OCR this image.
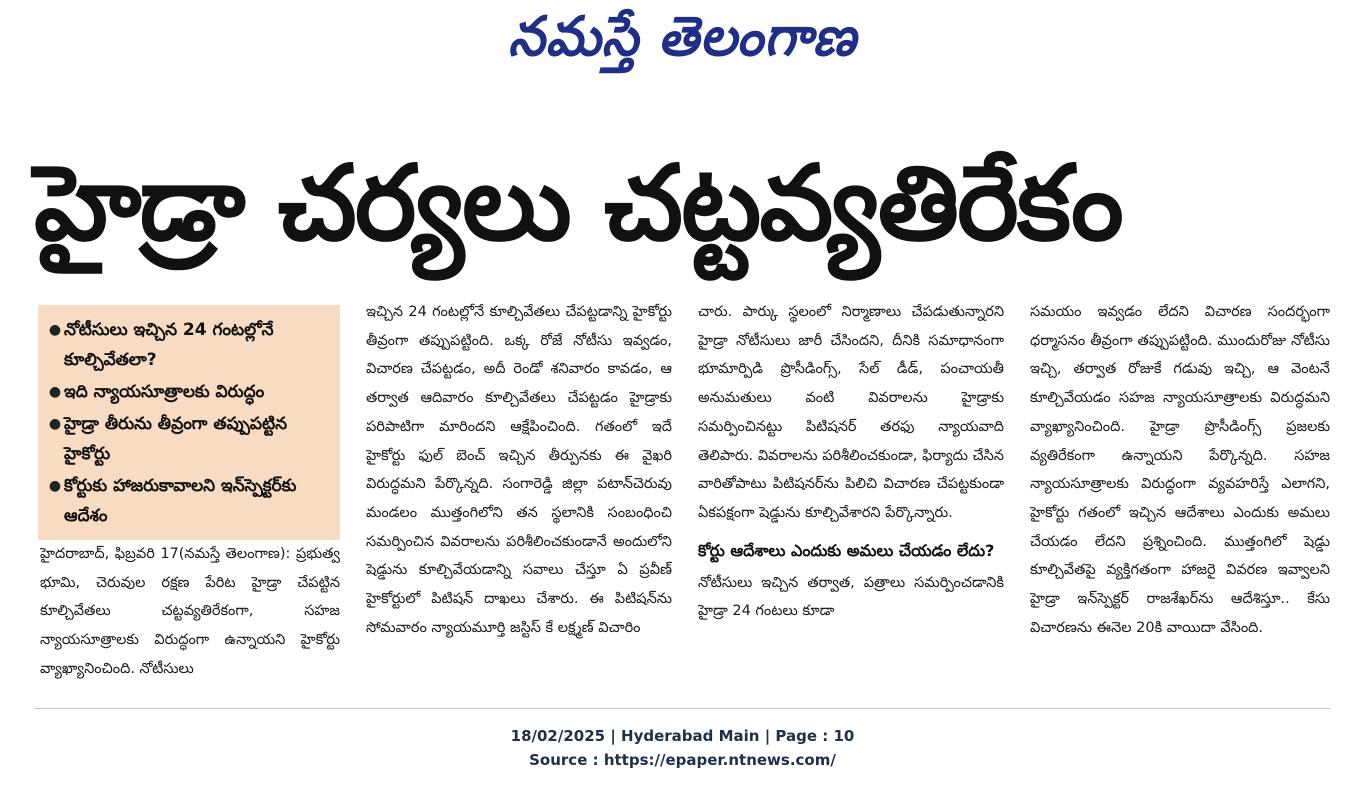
నమస్తే తెలంగాణ
హైడ్రా చర్యలు చట్టవ్యతిరేకం
● నోటీసులు ఇచ్చిన 24 గంటల్లోనే కూల్చివేతలా?
● ఇది న్యాయసూత్రాలకు విరుద్ధం
● హైడ్రా తీరును తీవ్రంగా తప్పుపట్టిన హైకోర్టు
● కోర్టుకు హాజరుకావాలని ఇన్‌స్పెక్టర్‌కు ఆదేశం

హైదరాబాద్, ఫిబ్రవరి 17(నమస్తే తెలంగాణ): ప్రభుత్వ భూమి, చెరువుల రక్షణ పేరిట హైడ్రా చేపట్టిన కూల్చివేతలు చట్టవ్యతిరేకంగా, సహజ న్యాయసూత్రాలకు విరుద్ధంగా ఉన్నాయని హైకోర్టు వ్యాఖ్యానించింది. నోటీసులు

ఇచ్చిన 24 గంటల్లోనే కూల్చివేతలు చేపట్టడాన్ని హైకోర్టు తీవ్రంగా తప్పుపట్టింది. ఒక్క రోజే నోటీసు ఇవ్వడం, విచారణ చేపట్టడం, అదీ రెండో శనివారం కావడం, ఆ తర్వాత ఆదివారం కూల్చివేతలు చేపట్టడం హైడ్రాకు పరిపాటిగా మారిందని ఆక్షేపించింది. గతంలో ఇదే హైకోర్టు ఫుల్ బెంచ్ ఇచ్చిన తీర్పునకు ఈ వైఖరి విరుద్ధమని పేర్కొన్నది. సంగారెడ్డి జిల్లా పటాన్‌చెరువు మండలం ముత్తంగిలోని తన స్థలానికి సంబంధించి సమర్పించిన వివరాలను పరిశీలించకుండానే అందులోని షెడ్డును కూల్చివేయడాన్ని సవాలు చేస్తూ ఏ ప్రవీణ్ హైకోర్టులో పిటిషన్ దాఖలు చేశారు. ఈ పిటిషన్‌ను సోమవారం న్యాయమూర్తి జస్టిస్ కే లక్ష్మణ్ విచారిం

చారు. పార్కు స్థలంలో నిర్మాణాలు చేపడుతున్నారని హైడ్రా నోటీసులు జారీ చేసిందని, దీనికి సమాధానంగా భూమార్పిడి ప్రొసీడింగ్స్, సేల్ డీడ్, పంచాయతీ అనుమతులు వంటి వివరాలను హైడ్రాకు సమర్పించినట్టు పిటిషనర్ తరఫు న్యాయవాది తెలిపారు. వివరాలను పరిశీలించకుండా, ఫిర్యాదు చేసిన వారితోపాటు పిటిషనర్‌ను పిలిచి విచారణ చేపట్టకుండా ఏకపక్షంగా షెడ్డును కూల్చివేశారని పేర్కొన్నారు.

కోర్టు ఆదేశాలు ఎందుకు అమలు చేయడం లేదు?

నోటీసులు ఇచ్చిన తర్వాత, పత్రాలు సమర్పించడానికి హైడ్రా 24 గంటలు కూడా

సమయం ఇవ్వడం లేదని విచారణ సందర్భంగా ధర్మాసనం తీవ్రంగా తప్పుపట్టింది. ముందురోజు నోటీసు ఇచ్చి, తర్వాత రోజుకే గడువు ఇచ్చి, ఆ వెంటనే కూల్చివేయడం సహజ న్యాయసూత్రాలకు విరుద్ధమని వ్యాఖ్యానించింది. హైడ్రా ప్రొసీడింగ్స్ ప్రజలకు వ్యతిరేకంగా ఉన్నాయని పేర్కొన్నది. సహజ న్యాయసూత్రాలకు విరుద్ధంగా వ్యవహరిస్తే ఎలాగని, హైకోర్టు గతంలో ఇచ్చిన ఆదేశాలు ఎందుకు అమలు చేయడం లేదని ప్రశ్నించింది. ముత్తంగిలో షెడ్డు కూల్చివేతపై వ్యక్తిగతంగా హాజరై వివరణ ఇవ్వాలని హైడ్రా ఇన్‌స్పెక్టర్ రాజశేఖర్‌ను ఆదేశిస్తూ.. కేసు విచారణను ఈనెల 20కి వాయిదా వేసింది.

18/02/2025 | Hyderabad Main | Page : 10
Source : https://epaper.ntnews.com/
